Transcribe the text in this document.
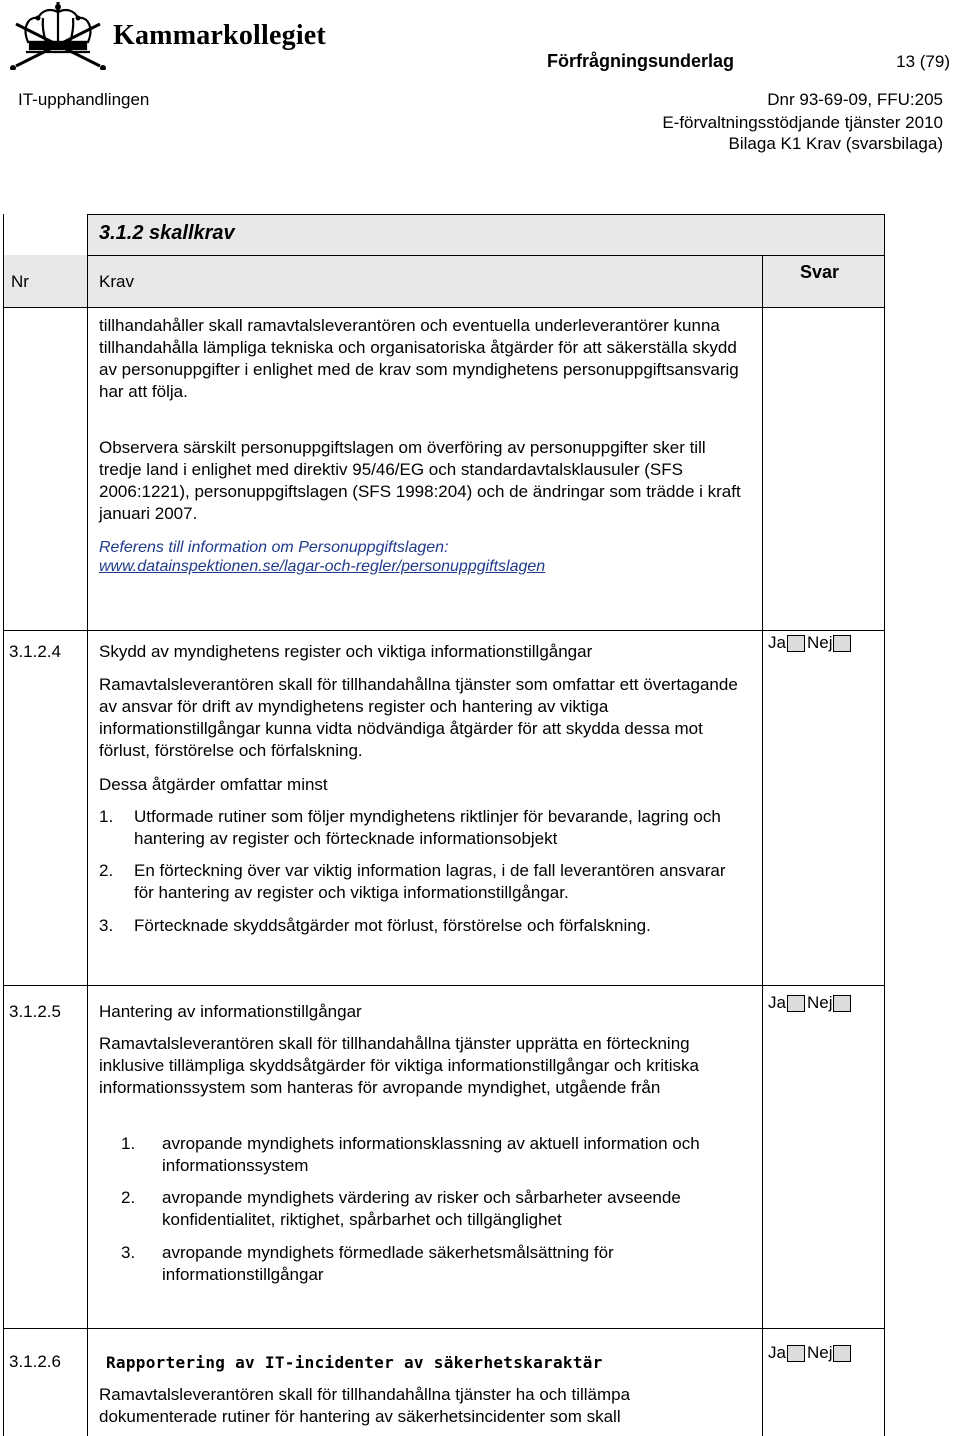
Kammarkollegiet
Förfrågningsunderlag	13 (79)
IT-upphandlingen	Dnr 93-69-09, FFU:205
E-förvaltningsstödjande tjänster 2010
Bilaga K1 Krav (svarsbilaga)
3.1.2 skallkrav
Nr	Krav	Svar
tillhandahåller skall ramavtalsleverantören och eventuella underleverantörer kunna tillhandahålla lämpliga tekniska och organisatoriska åtgärder för att säkerställa skydd av personuppgifter i enlighet med de krav som myndighetens personuppgiftsansvarig har att följa.
Observera särskilt personuppgiftslagen om överföring av personuppgifter sker till tredje land i enlighet med direktiv 95/46/EG och standardavtalsklausuler (SFS 2006:1221), personuppgiftslagen (SFS 1998:204) och de ändringar som trädde i kraft januari 2007.
Referens till information om Personuppgiftslagen:
www.datainspektionen.se/lagar-och-regler/personuppgiftslagen
3.1.2.4 Skydd av myndighetens register och viktiga informationstillgångar	Ja Nej
Ramavtalsleverantören skall för tillhandahållna tjänster som omfattar ett övertagande av ansvar för drift av myndighetens register och hantering av viktiga informationstillgångar kunna vidta nödvändiga åtgärder för att skydda dessa mot förlust, förstörelse och förfalskning.
Dessa åtgärder omfattar minst
1. Utformade rutiner som följer myndighetens riktlinjer för bevarande, lagring och hantering av register och förtecknade informationsobjekt
2. En förteckning över var viktig information lagras, i de fall leverantören ansvarar för hantering av register och viktiga informationstillgångar.
3. Förtecknade skyddsåtgärder mot förlust, förstörelse och förfalskning.
3.1.2.5 Hantering av informationstillgångar	Ja Nej
Ramavtalsleverantören skall för tillhandahållna tjänster upprätta en förteckning inklusive tillämpliga skyddsåtgärder för viktiga informationstillgångar och kritiska informationssystem som hanteras för avropande myndighet, utgående från
1. avropande myndighets informationsklassning av aktuell information och informationssystem
2. avropande myndighets värdering av risker och sårbarheter avseende konfidentialitet, riktighet, spårbarhet och tillgänglighet
3. avropande myndighets förmedlade säkerhetsmålsättning för informationstillgångar
3.1.2.6	Rapportering av IT-incidenter av säkerhetskaraktär
Ja Nej
Ramavtalsleverantören skall för tillhandahållna tjänster ha och tillämpa dokumenterade rutiner för hantering av säkerhetsincidenter som skall
